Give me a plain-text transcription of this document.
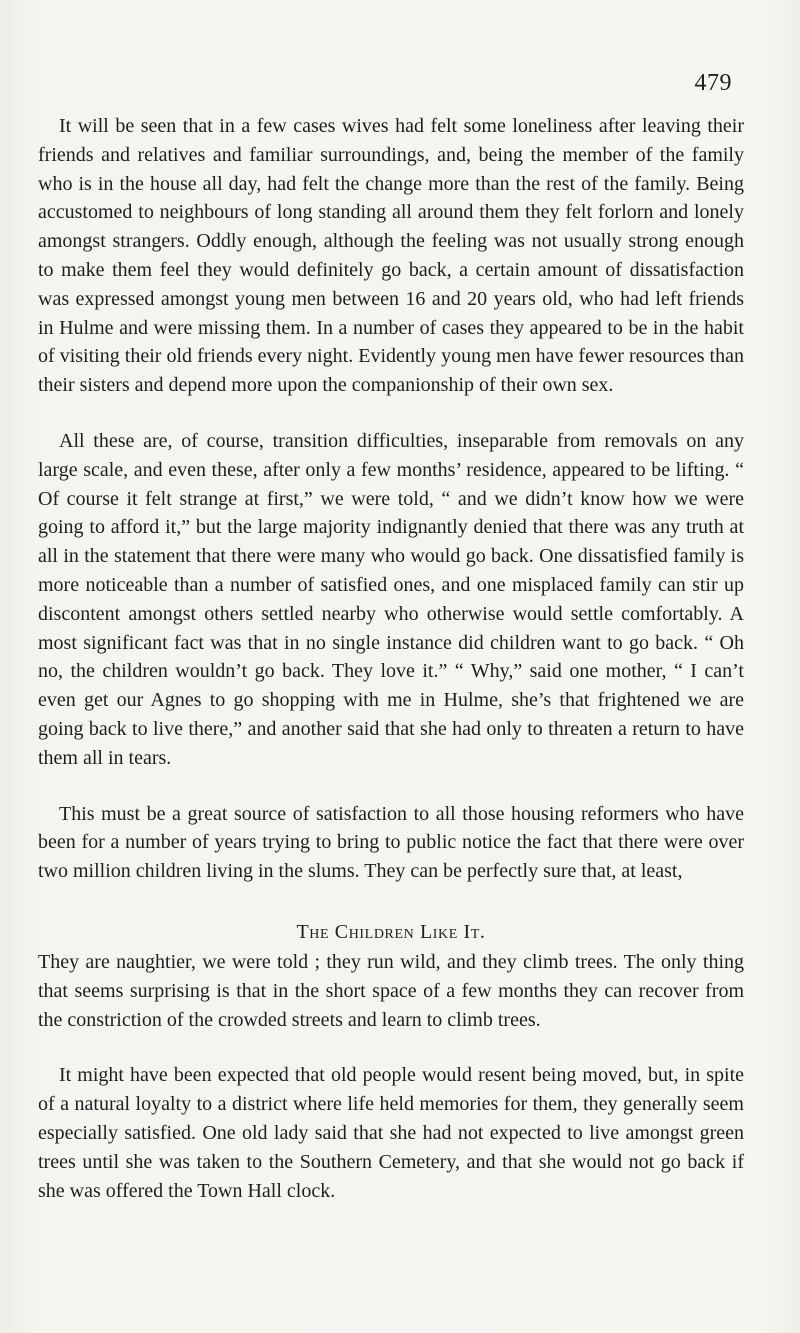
479

It will be seen that in a few cases wives had felt some loneliness after leaving their friends and relatives and familiar surroundings, and, being the member of the family who is in the house all day, had felt the change more than the rest of the family. Being accustomed to neighbours of long standing all around them they felt forlorn and lonely amongst strangers. Oddly enough, although the feeling was not usually strong enough to make them feel they would definitely go back, a certain amount of dissatisfaction was expressed amongst young men between 16 and 20 years old, who had left friends in Hulme and were missing them. In a number of cases they appeared to be in the habit of visiting their old friends every night. Evidently young men have fewer resources than their sisters and depend more upon the companionship of their own sex.

All these are, of course, transition difficulties, inseparable from removals on any large scale, and even these, after only a few months’ residence, appeared to be lifting. “ Of course it felt strange at first,” we were told, “ and we didn’t know how we were going to afford it,” but the large majority indignantly denied that there was any truth at all in the statement that there were many who would go back. One dissatisfied family is more noticeable than a number of satisfied ones, and one misplaced family can stir up discontent amongst others settled nearby who otherwise would settle comfortably. A most significant fact was that in no single instance did children want to go back. “ Oh no, the children wouldn’t go back. They love it.” “ Why,” said one mother, “ I can’t even get our Agnes to go shopping with me in Hulme, she’s that frightened we are going back to live there,” and another said that she had only to threaten a return to have them all in tears.

This must be a great source of satisfaction to all those housing reformers who have been for a number of years trying to bring to public notice the fact that there were over two million children living in the slums. They can be perfectly sure that, at least,

The Children Like It.

They are naughtier, we were told ; they run wild, and they climb trees. The only thing that seems surprising is that in the short space of a few months they can recover from the constriction of the crowded streets and learn to climb trees.

It might have been expected that old people would resent being moved, but, in spite of a natural loyalty to a district where life held memories for them, they generally seem especially satisfied. One old lady said that she had not expected to live amongst green trees until she was taken to the Southern Cemetery, and that she would not go back if she was offered the Town Hall clock.
